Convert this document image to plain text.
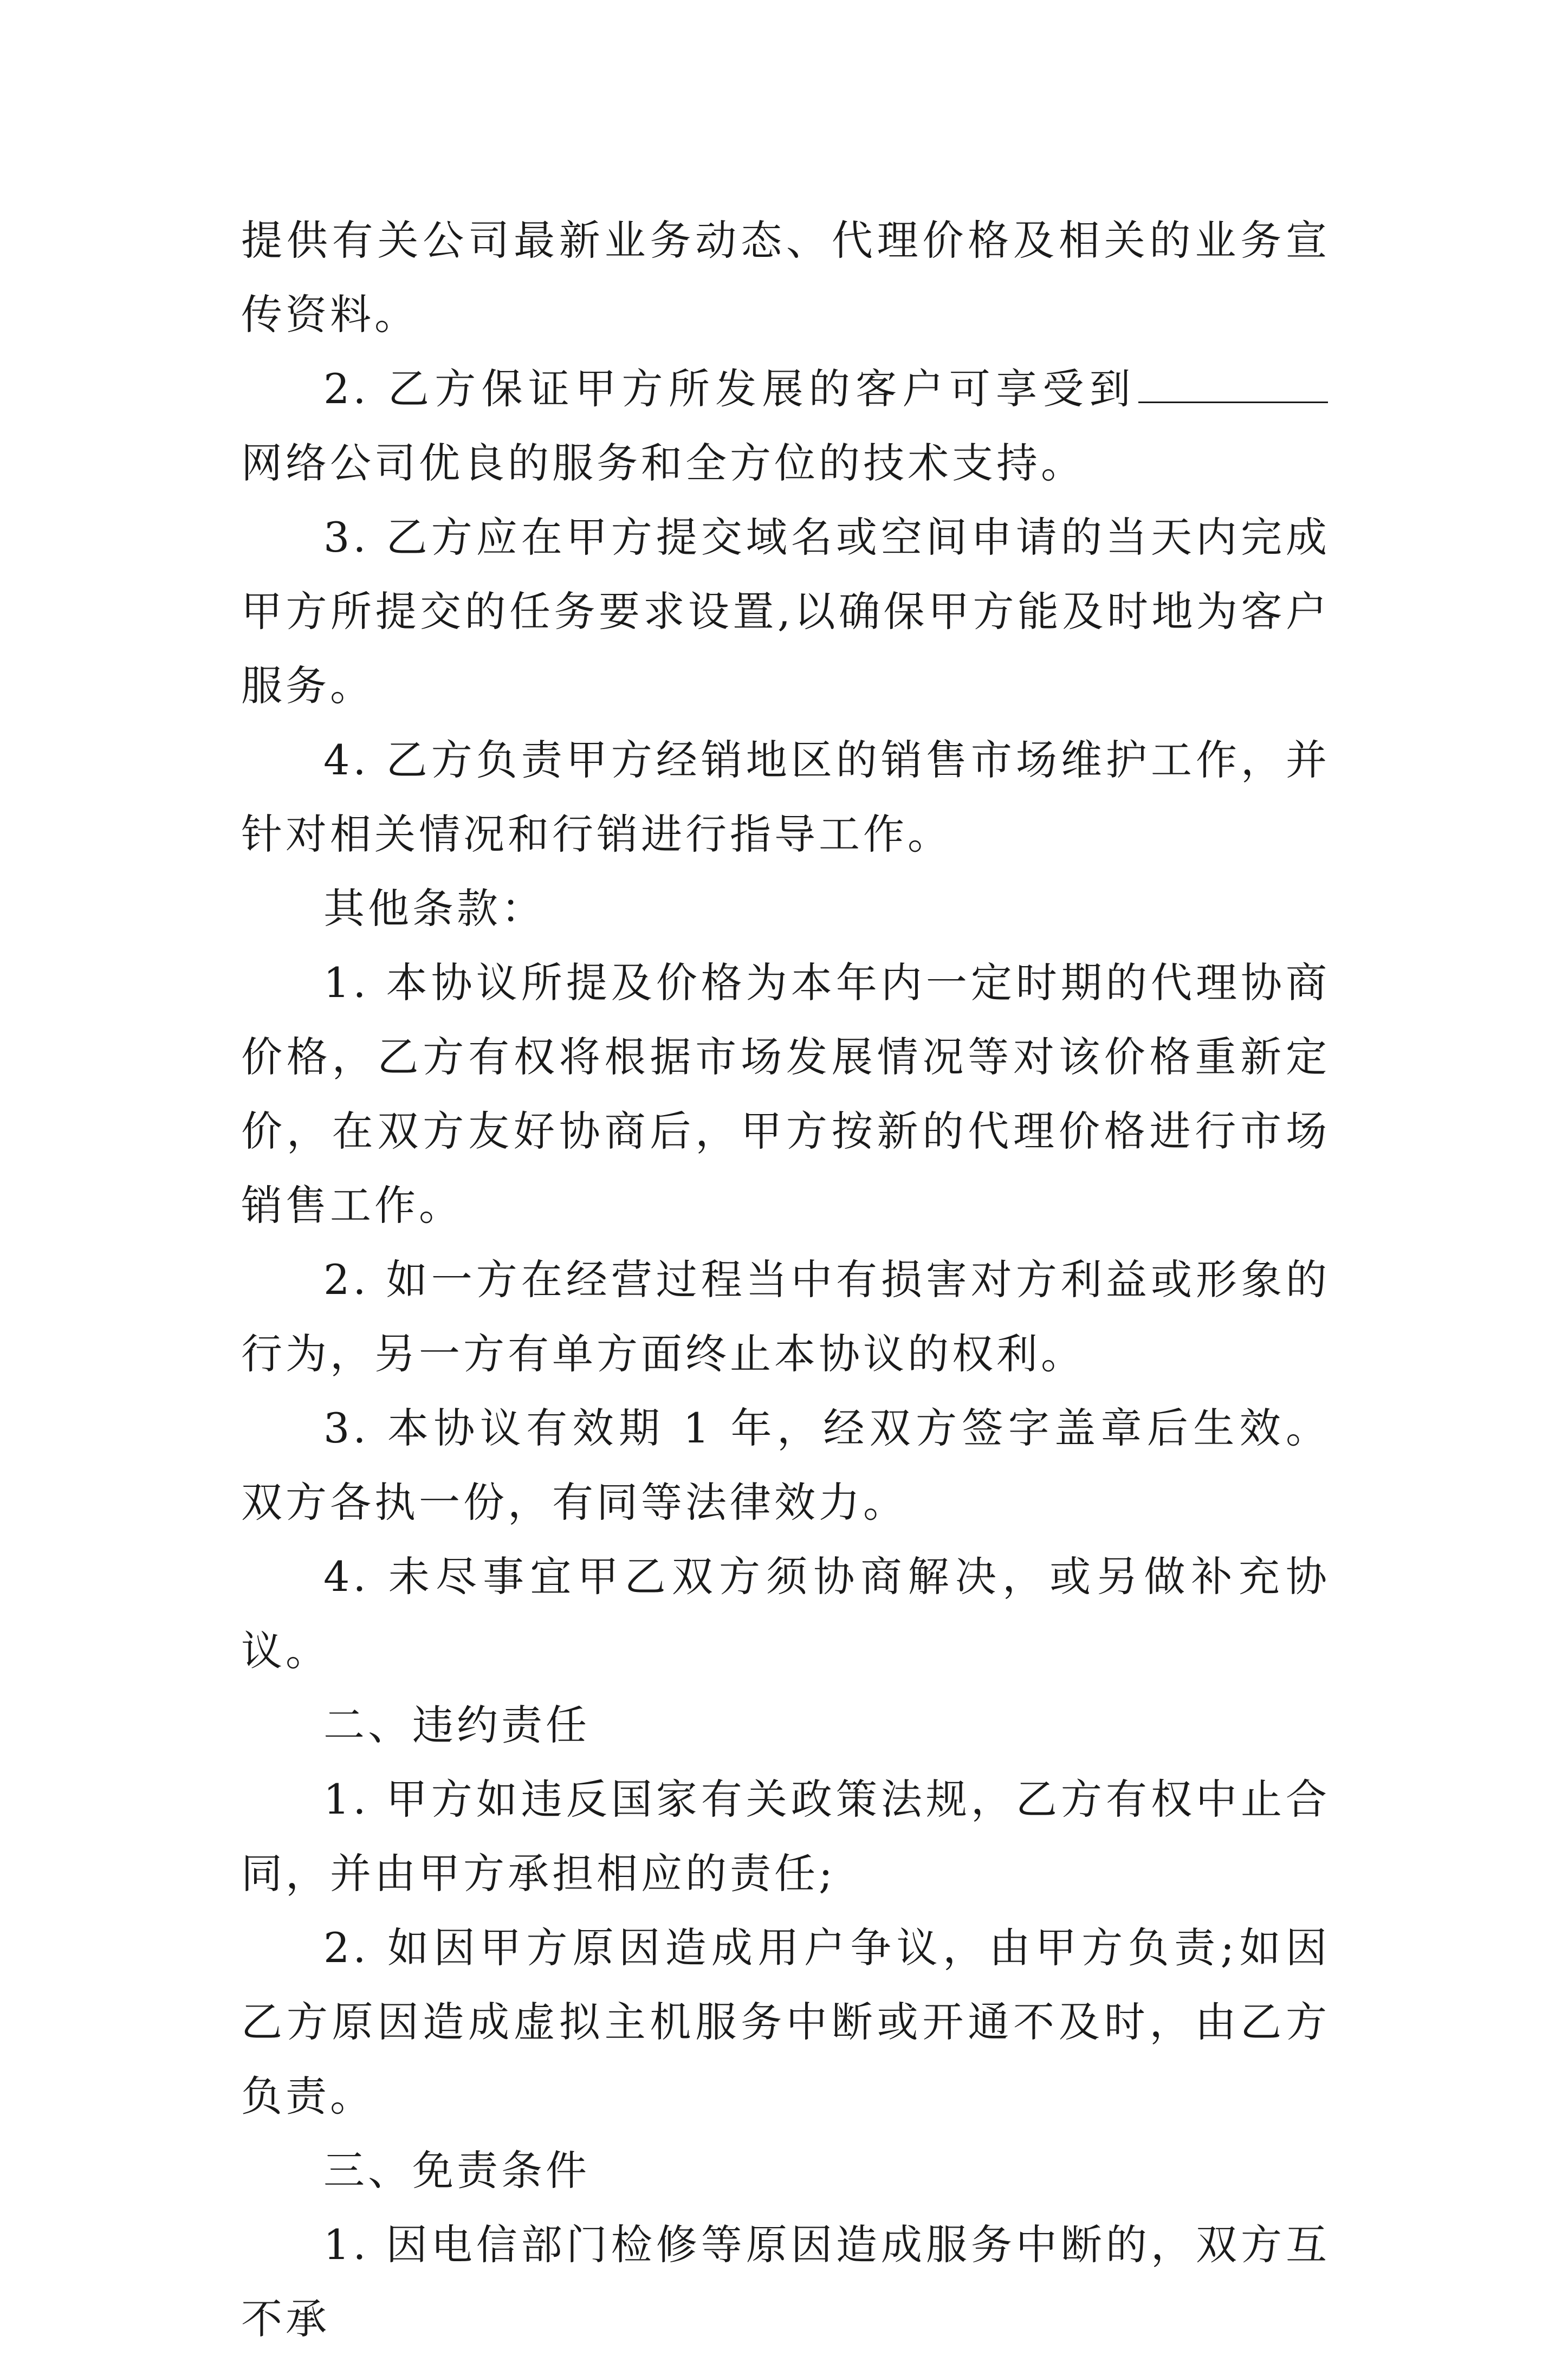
提供有关公司最新业务动态、代理价格及相关的业务宣传资料。

2. 乙方保证甲方所发展的客户可享受到网络公司优良的服务和全方位的技术支持。

3. 乙方应在甲方提交域名或空间申请的当天内完成甲方所提交的任务要求设置,以确保甲方能及时地为客户服务。

4. 乙方负责甲方经销地区的销售市场维护工作，并针对相关情况和行销进行指导工作。

其他条款：

1. 本协议所提及价格为本年内一定时期的代理协商价格，乙方有权将根据市场发展情况等对该价格重新定价，在双方友好协商后，甲方按新的代理价格进行市场销售工作。

2. 如一方在经营过程当中有损害对方利益或形象的行为，另一方有单方面终止本协议的权利。

3. 本协议有效期 1 年，经双方签字盖章后生效。双方各执一份，有同等法律效力。

4. 未尽事宜甲乙双方须协商解决，或另做补充协议。

二、违约责任

1. 甲方如违反国家有关政策法规，乙方有权中止合同，并由甲方承担相应的责任;

2. 如因甲方原因造成用户争议，由甲方负责;如因乙方原因造成虚拟主机服务中断或开通不及时，由乙方负责。

三、免责条件

1. 因电信部门检修等原因造成服务中断的，双方互不承
